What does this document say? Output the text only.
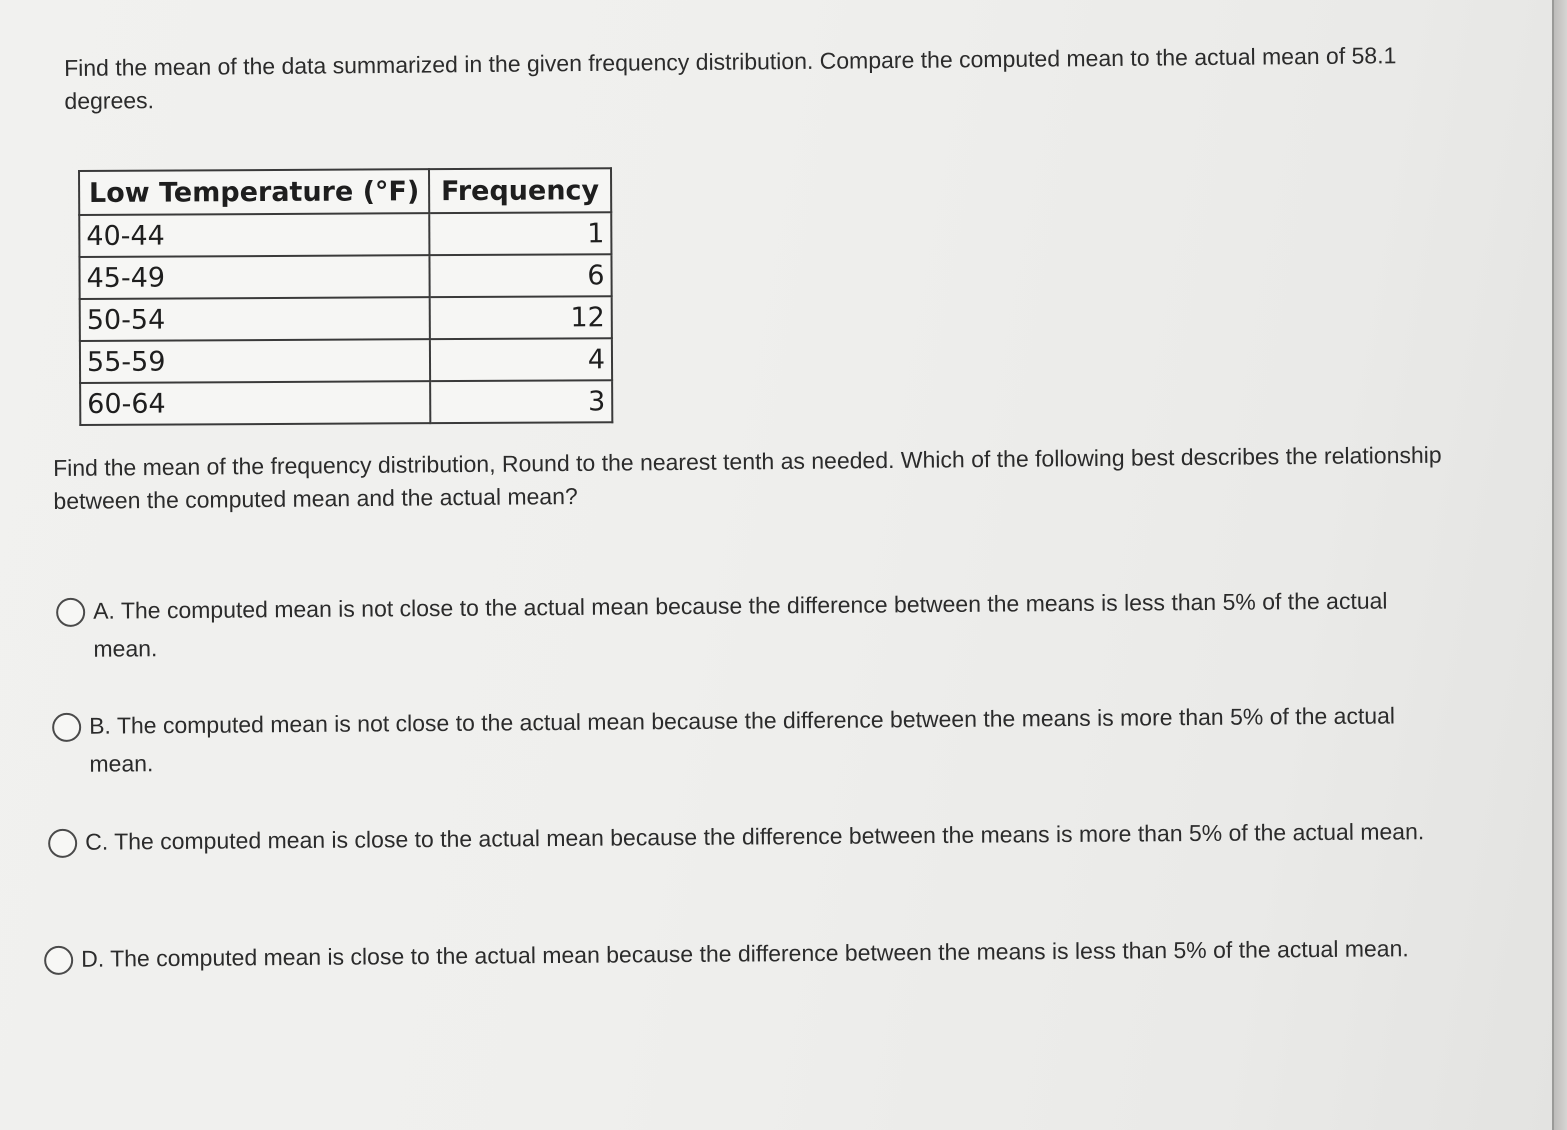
Find the mean of the data summarized in the given frequency distribution. Compare the computed mean to the actual mean of 58.1 degrees.

Low Temperature (°F)	Frequency
40-44	1
45-49	6
50-54	12
55-59	4
60-64	3

Find the mean of the frequency distribution, Round to the nearest tenth as needed. Which of the following best describes the relationship between the computed mean and the actual mean?

A. The computed mean is not close to the actual mean because the difference between the means is less than 5% of the actual mean.
B. The computed mean is not close to the actual mean because the difference between the means is more than 5% of the actual mean.
C. The computed mean is close to the actual mean because the difference between the means is more than 5% of the actual mean.
D. The computed mean is close to the actual mean because the difference between the means is less than 5% of the actual mean.
